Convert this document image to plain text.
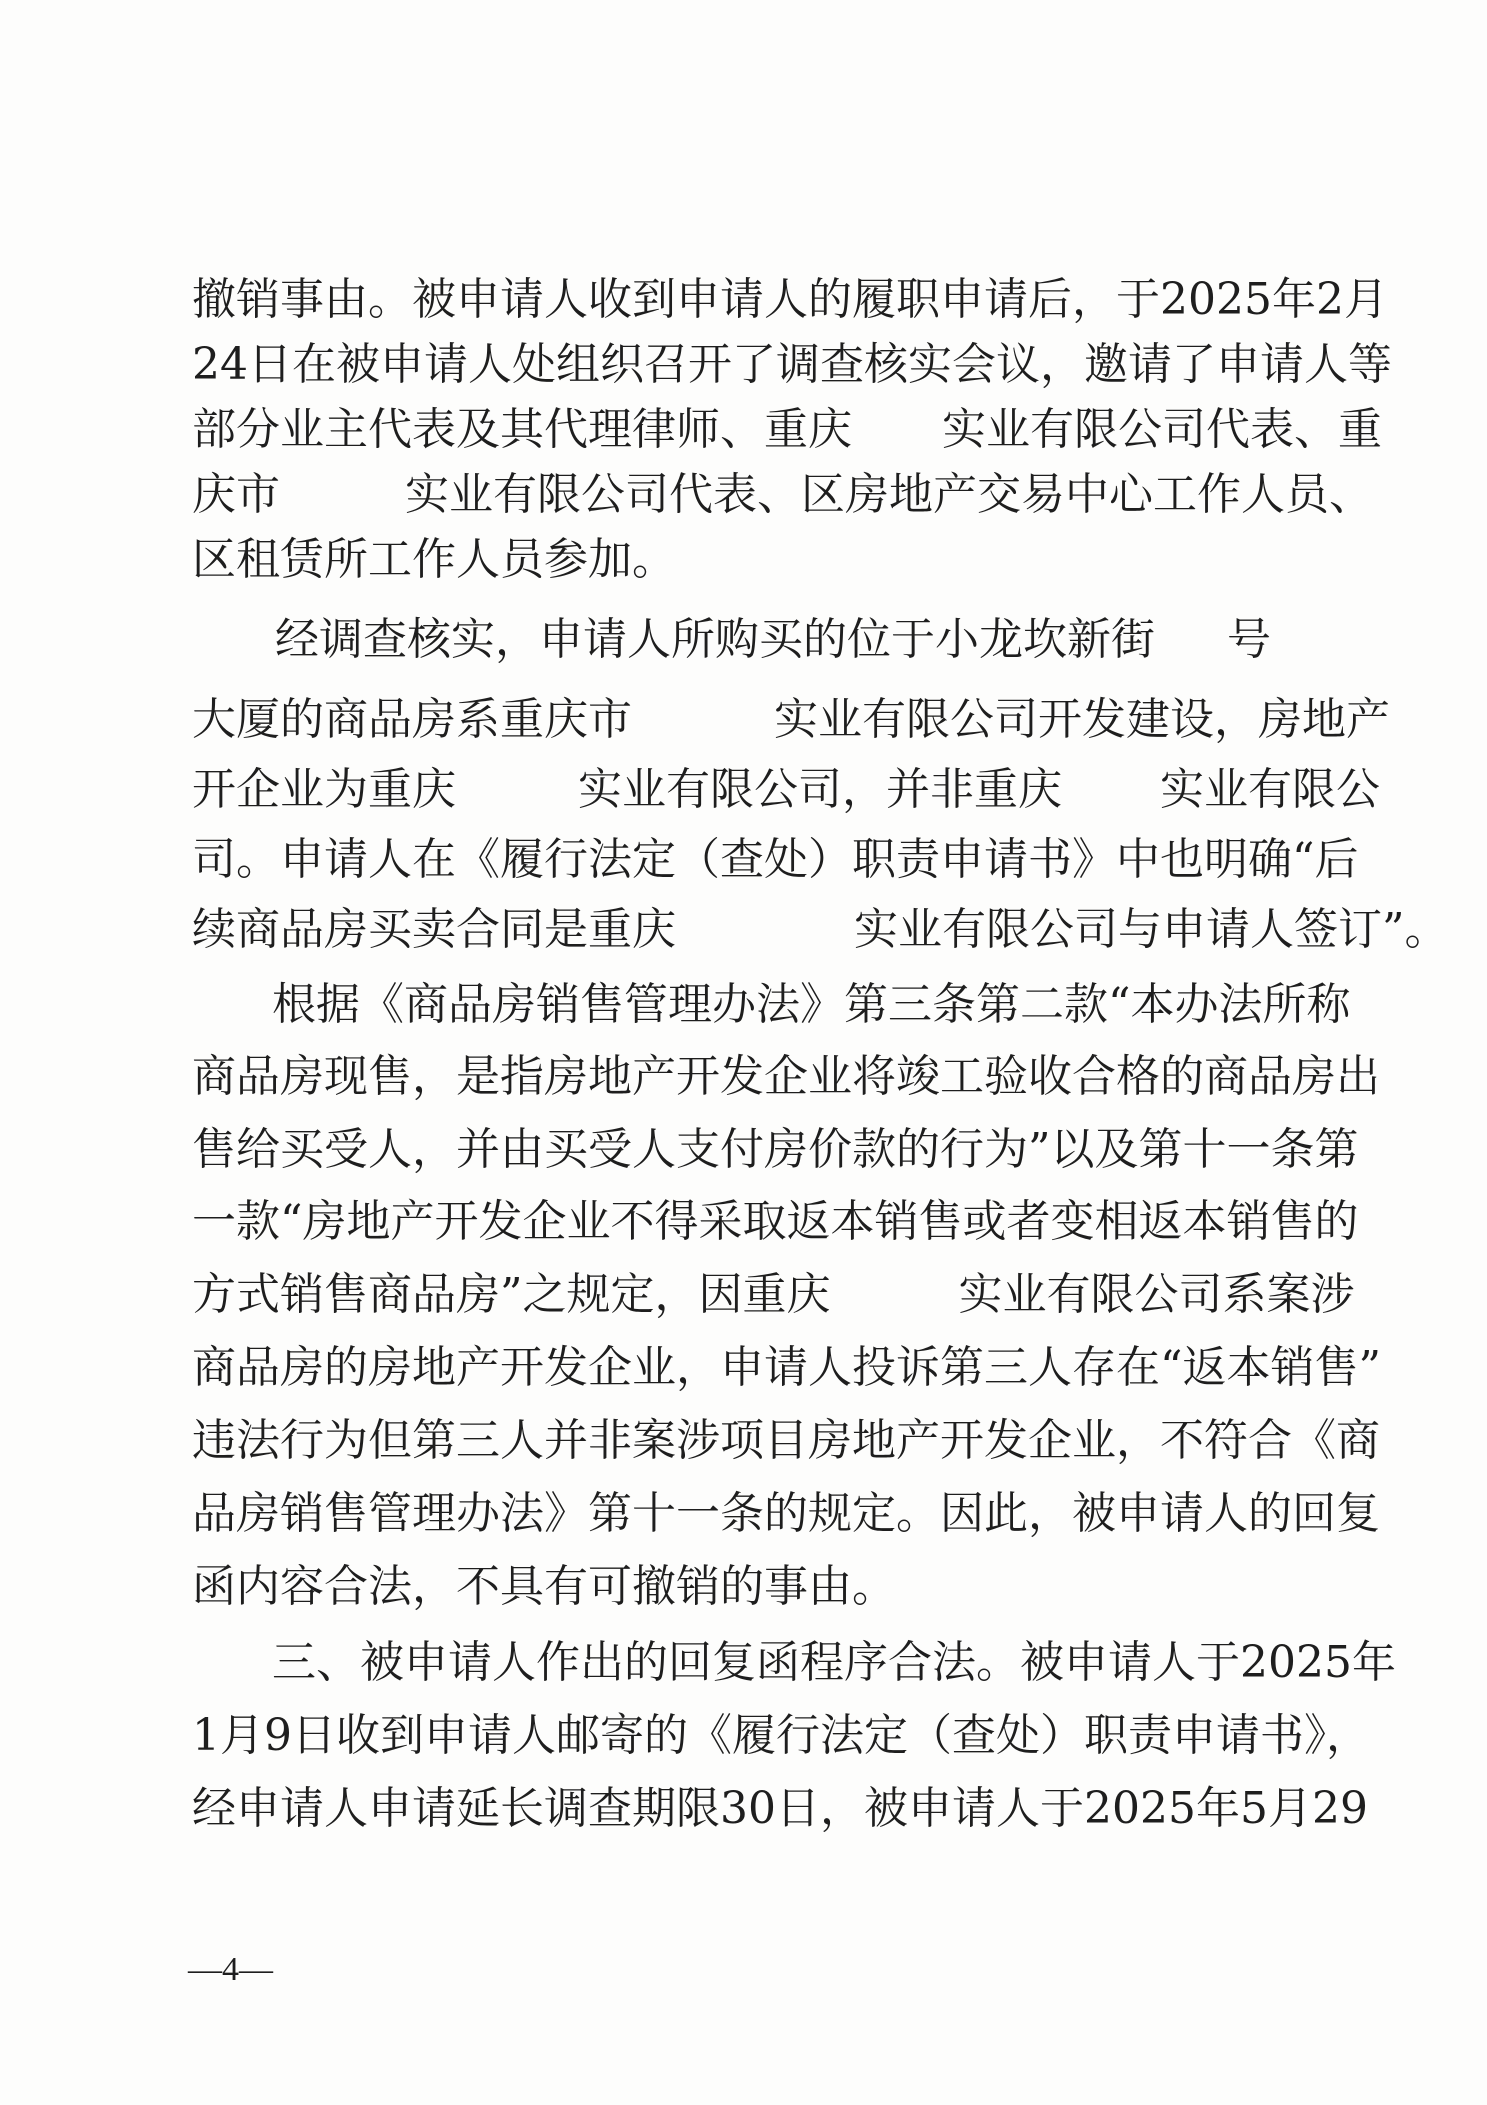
撤销事由。被申请人收到申请人的履职申请后，于2025年2月
24日在被申请人处组织召开了调查核实会议，邀请了申请人等
部分业主代表及其代理律师、重庆 实业有限公司代表、重
庆市	实业有限公司代表、区房地产交易中心工作人员、
区租赁所工作人员参加。
经调查核实，申请人所购买的位于小龙坎新街 号
大厦的商品房系重庆市	实业有限公司开发建设，房地产
开企业为重庆	实业有限公司，并非重庆 实业有限公
司。申请人在《履行法定（查处）职责申请书》中也明确“后
续商品房买卖合同是重庆	实业有限公司与申请人签订”。
根据《商品房销售管理办法》第三条第二款“本办法所称
商品房现售，是指房地产开发企业将竣工验收合格的商品房出
售给买受人，并由买受人支付房价款的行为”以及第十一条第
一款“房地产开发企业不得采取返本销售或者变相返本销售的
方式销售商品房”之规定，因重庆	实业有限公司系案涉
商品房的房地产开发企业，申请人投诉第三人存在“返本销售”
违法行为但第三人并非案涉项目房地产开发企业，不符合《商
品房销售管理办法》第十一条的规定。因此，被申请人的回复
函内容合法，不具有可撤销的事由。
三、被申请人作出的回复函程序合法。被申请人于2025年
1月9日收到申请人邮寄的《履行法定（查处）职责申请书》，
经申请人申请延长调查期限30日，被申请人于2025年5月29
—4—
